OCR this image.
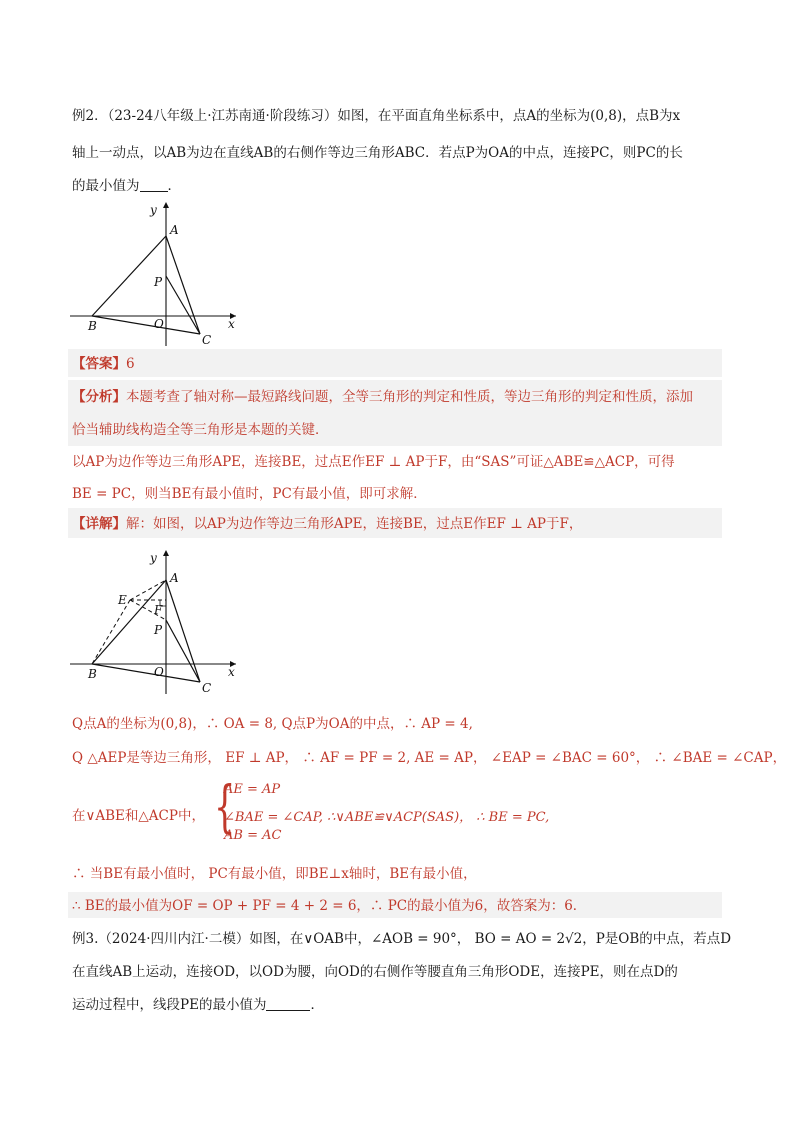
例2．（23-24八年级上·江苏南通·阶段练习）如图，在平面直角坐标系中，点A的坐标为(0,8)，点B为x
轴上一动点，以AB为边在直线AB的右侧作等边三角形ABC．若点P为OA的中点，连接PC，则PC的长
的最小值为 ．
y
A
P
B	O	x
C
【答案】6
【分析】本题考查了轴对称—最短路线问题，全等三角形的判定和性质，等边三角形的判定和性质，添加
恰当辅助线构造全等三角形是本题的关键．
以AP为边作等边三角形APE，连接BE，过点E作EF ⊥ AP于F，由“SAS”可证△ABE≌△ACP，可得
BE = PC，则当BE有最小值时，PC有最小值，即可求解．
【详解】解：如图，以AP为边作等边三角形APE，连接BE，过点E作EF ⊥ AP于F，
y
A
E
F
P
B	O	x
C
Q点A的坐标为(0,8)，∴ OA = 8, Q点P为OA的中点，∴ AP = 4,
Q △AEP是等边三角形， EF ⊥ AP， ∴ AF = PF = 2, AE = AP， ∠EAP = ∠BAC = 60°， ∴ ∠BAE = ∠CAP，
在∨ABE和△ACP中， {
AE = AP
∠BAE = ∠CAP, ∴∨ABE≌∨ACP(SAS)， ∴ BE = PC,
AB = AC
∴ 当BE有最小值时， PC有最小值，即BE⊥x轴时，BE有最小值，
∴ BE的最小值为OF = OP + PF = 4 + 2 = 6，∴ PC的最小值为6，故答案为：6．
例3.（2024·四川内江·二模）如图，在∨OAB中，∠AOB = 90°， BO = AO = 2√2，P是OB的中点，若点D
在直线AB上运动，连接OD，以OD为腰，向OD的右侧作等腰直角三角形ODE，连接PE，则在点D的
运动过程中，线段PE的最小值为	．
